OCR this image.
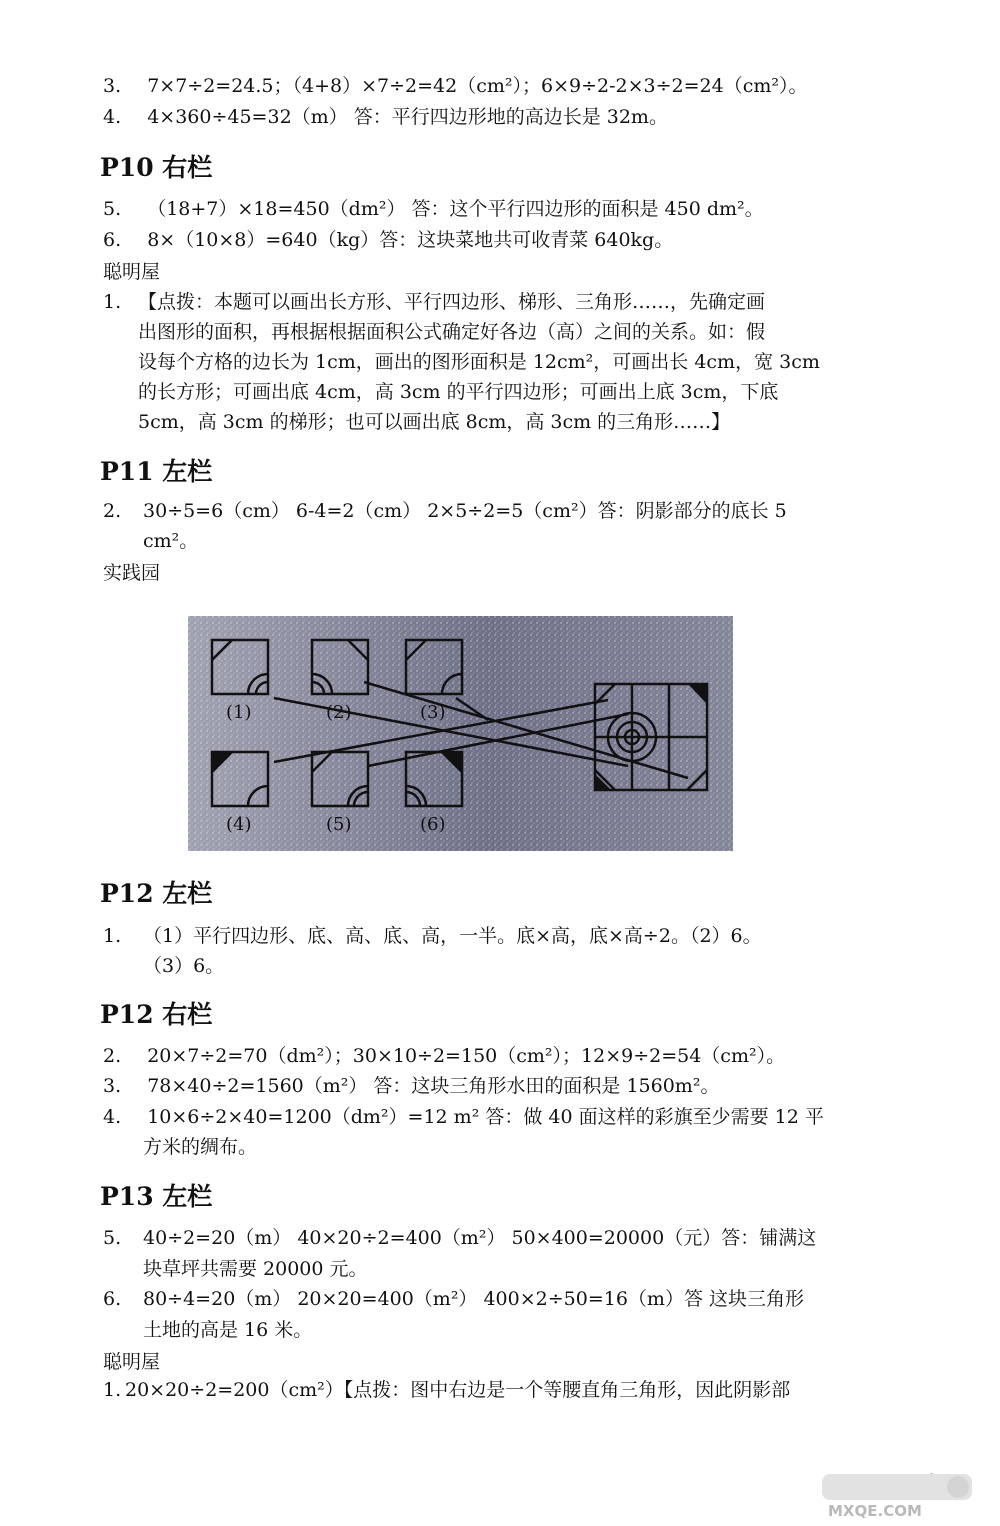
3. 7×7÷2=24.5；（4+8）×7÷2=42（cm²）；6×9÷2-2×3÷2=24（cm²）。
4. 4×360÷45=32（m） 答：平行四边形地的高边长是 32m。
P10 右栏
5. （18+7）×18=450（dm²） 答：这个平行四边形的面积是 450 dm²。
6. 8×（10×8）=640（kg）答：这块菜地共可收青菜 640kg。
聪明屋
1. 【点拨：本题可以画出长方形、平行四边形、梯形、三角形……，先确定画
出图形的面积，再根据根据面积公式确定好各边（高）之间的关系。如：假
设每个方格的边长为 1cm，画出的图形面积是 12cm²，可画出长 4cm，宽 3cm
的长方形；可画出底 4cm，高 3cm 的平行四边形；可画出上底 3cm，下底
5cm，高 3cm 的梯形；也可以画出底 8cm，高 3cm 的三角形……】
P11 左栏
2. 30÷5=6（cm） 6-4=2（cm） 2×5÷2=5（cm²）答：阴影部分的底长 5
cm²。
实践园
(1)	(2)	(3)
(4)	(5)	(6)
P12 左栏
1. （1）平行四边形、底、高、底、高，一半。底×高，底×高÷2。（2）6。
（3）6。
P12 右栏
2. 20×7÷2=70（dm²）；30×10÷2=150（cm²）；12×9÷2=54（cm²）。
3. 78×40÷2=1560（m²） 答：这块三角形水田的面积是 1560m²。
4. 10×6÷2×40=1200（dm²）=12 m² 答：做 40 面这样的彩旗至少需要 12 平
方米的绸布。
P13 左栏
5. 40÷2=20（m） 40×20÷2=400（m²） 50×400=20000（元）答：铺满这
块草坪共需要 20000 元。
6. 80÷4=20（m） 20×20=400（m²） 400×2÷50=16（m）答 这块三角形
土地的高是 16 米。
聪明屋
1. 20×20÷2=200（cm²）【点拨：图中右边是一个等腰直角三角形，因此阴影部
MXQE.COM
